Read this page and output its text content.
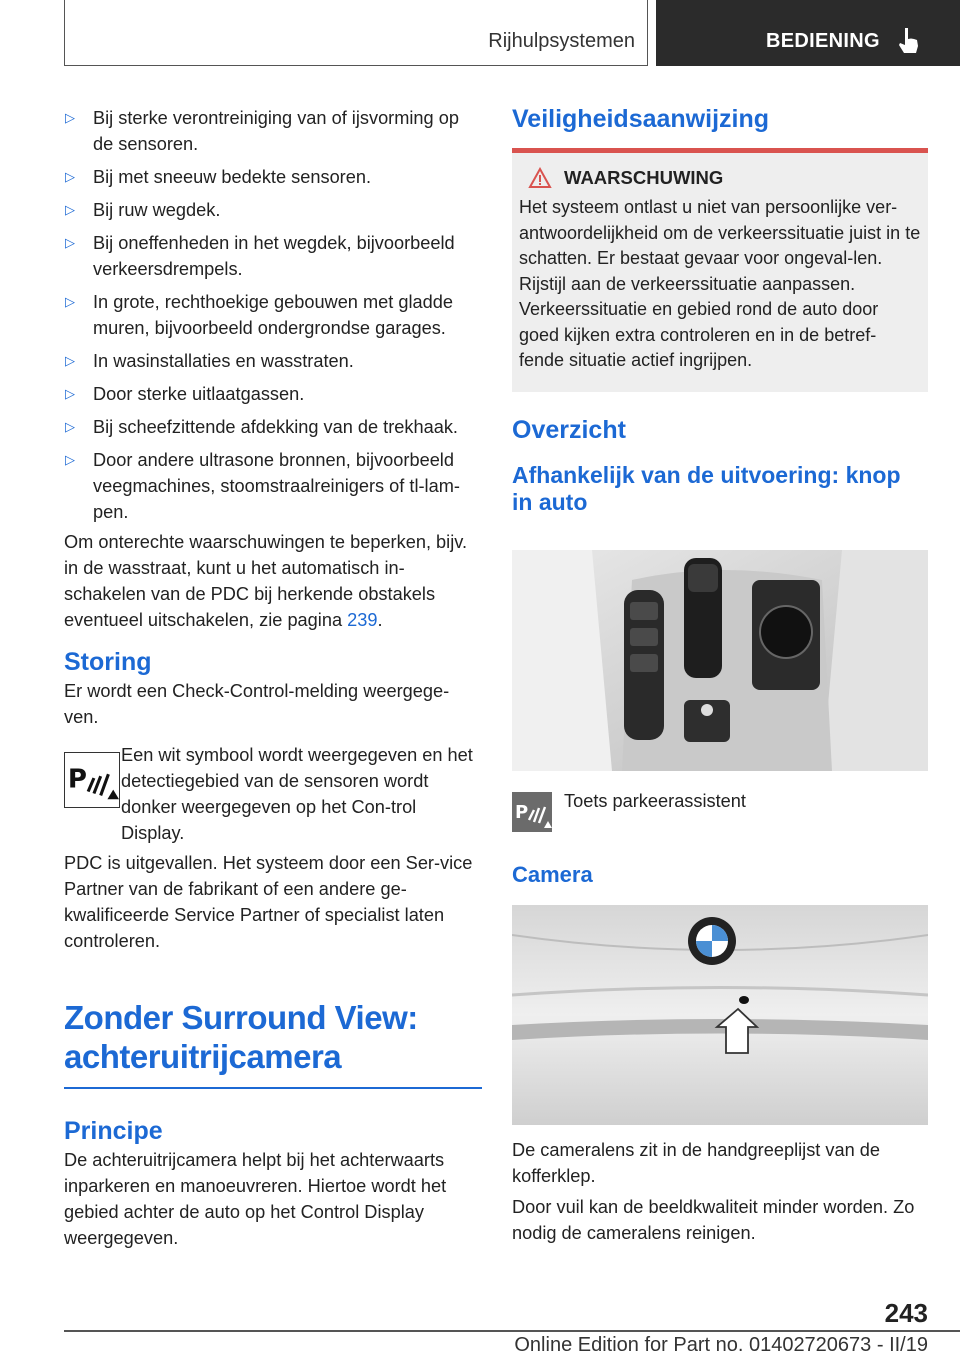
Rijhulpsystemen	BEDIENING
▷ Bij sterke verontreiniging van of ijsvorming op de sensoren.
▷ Bij met sneeuw bedekte sensoren.
▷ Bij ruw wegdek.
▷ Bij oneffenheden in het wegdek, bijvoorbeeld verkeersdrempels.
▷ In grote, rechthoekige gebouwen met gladde muren, bijvoorbeeld ondergrondse garages.
▷ In wasinstallaties en wasstraten.
▷ Door sterke uitlaatgassen.
▷ Bij scheefzittende afdekking van de trekhaak.
▷ Door andere ultrasone bronnen, bijvoorbeeld veegmachines, stoomstraalreinigers of tl-lam-pen.

Om onterechte waarschuwingen te beperken, bijv. in de wasstraat, kunt u het automatisch in-schakelen van de PDC bij herkende obstakels eventueel uitschakelen, zie pagina 239.

Storing

Er wordt een Check-Control-melding weergege-ven.

P

Een wit symbool wordt weergegeven en het detectiegebied van de sensoren wordt donker weergegeven op het Con-trol Display.

PDC is uitgevallen. Het systeem door een Ser-vice Partner van de fabrikant of een andere ge-kwalificeerde Service Partner of specialist laten controleren.

Zonder Surround View:
achteruitrijcamera
Principe

De achteruitrijcamera helpt bij het achterwaarts inparkeren en manoeuvreren. Hiertoe wordt het gebied achter de auto op het Control Display weergegeven.

Veiligheidsaanwijzing
WAARSCHUWING

Het systeem ontlast u niet van persoonlijke ver-antwoordelijkheid om de verkeerssituatie juist in te schatten. Er bestaat gevaar voor ongeval-len. Rijstijl aan de verkeerssituatie aanpassen. Verkeerssituatie en gebied rond de auto door goed kijken extra controleren en in de betref-fende situatie actief ingrijpen.

Overzicht
Afhankelijk van de uitvoering: knop
in auto
P

Toets parkeerassistent

Camera

De cameralens zit in de handgreeplijst van de kofferklep.

Door vuil kan de beeldkwaliteit minder worden. Zo nodig de cameralens reinigen.

243
Online Edition for Part no. 01402720673 - II/19
